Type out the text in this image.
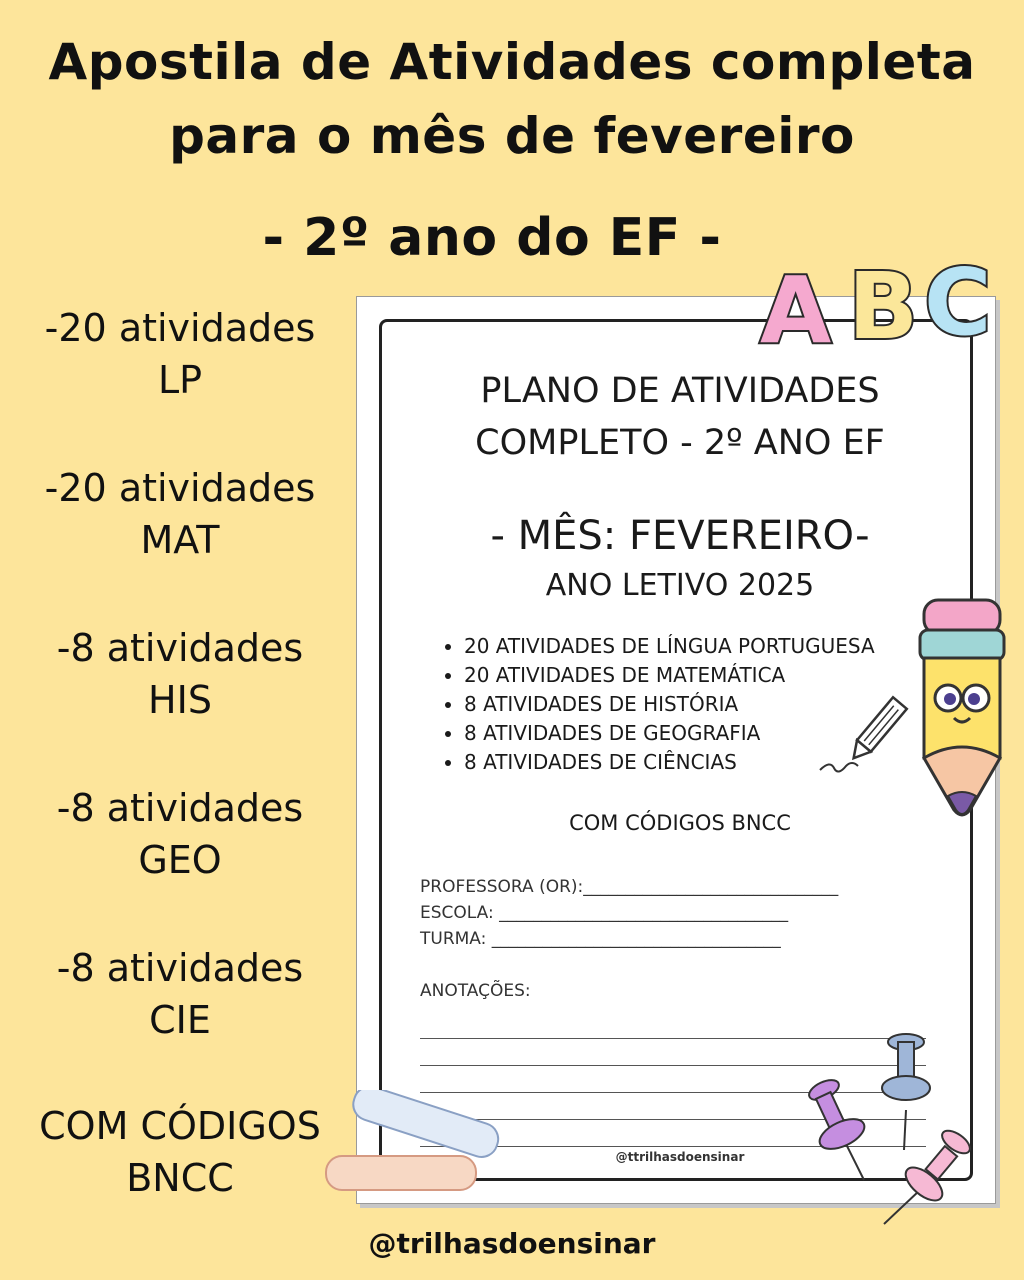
Apostila de Atividades completa
para o mês de fevereiro
- 2º ano do EF -
-20 atividades
LP
-20 atividades
MAT
-8 atividades
HIS
-8 atividades
GEO
-8 atividades
CIE
COM CÓDIGOS
BNCC
PLANO DE ATIVIDADES
COMPLETO - 2º ANO EF
- MÊS: FEVEREIRO-
ANO LETIVO 2025
• 20 ATIVIDADES DE LÍNGUA PORTUGUESA
• 20 ATIVIDADES DE MATEMÁTICA
• 8 ATIVIDADES DE HISTÓRIA
• 8 ATIVIDADES DE GEOGRAFIA
• 8 ATIVIDADES DE CIÊNCIAS
COM CÓDIGOS BNCC
PROFESSORA (OR):______________________________
ESCOLA: __________________________________
TURMA: __________________________________
ANOTAÇÕES:
@ttrilhasdoensinar
A B C
@trilhasdoensinar
